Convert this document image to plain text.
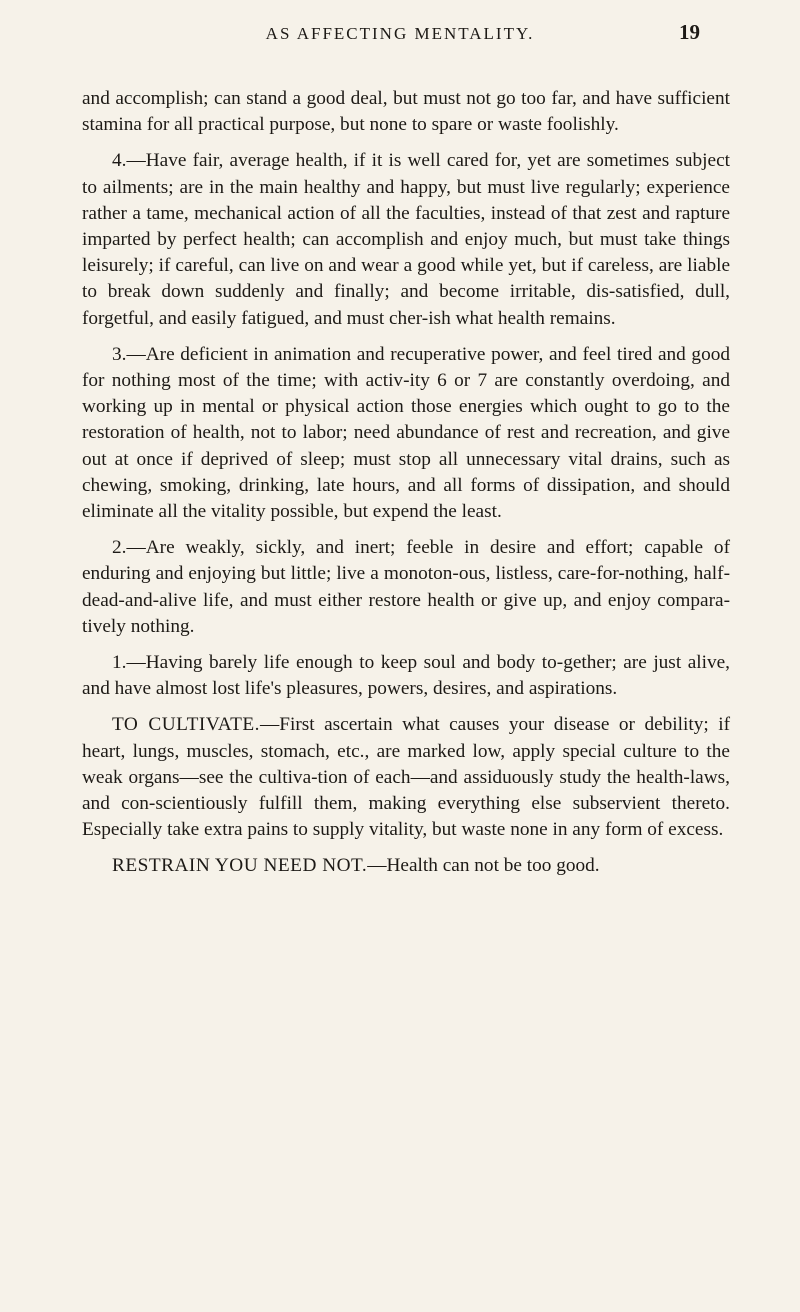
AS AFFECTING MENTALITY.	19

and accomplish; can stand a good deal, but must not go too far, and have sufficient stamina for all practical purpose, but none to spare or waste foolishly.

4.—Have fair, average health, if it is well cared for, yet are sometimes subject to ailments; are in the main healthy and happy, but must live regularly; experience rather a tame, mechanical action of all the faculties, instead of that zest and rapture imparted by perfect health; can accomplish and enjoy much, but must take things leisurely; if careful, can live on and wear a good while yet, but if careless, are liable to break down suddenly and finally; and become irritable, dis-satisfied, dull, forgetful, and easily fatigued, and must cher-ish what health remains.

3.—Are deficient in animation and recuperative power, and feel tired and good for nothing most of the time; with activ-ity 6 or 7 are constantly overdoing, and working up in mental or physical action those energies which ought to go to the restoration of health, not to labor; need abundance of rest and recreation, and give out at once if deprived of sleep; must stop all unnecessary vital drains, such as chewing, smoking, drinking, late hours, and all forms of dissipation, and should eliminate all the vitality possible, but expend the least.

2.—Are weakly, sickly, and inert; feeble in desire and effort; capable of enduring and enjoying but little; live a monoton-ous, listless, care-for-nothing, half-dead-and-alive life, and must either restore health or give up, and enjoy compara-tively nothing.

1.—Having barely life enough to keep soul and body to-gether; are just alive, and have almost lost life's pleasures, powers, desires, and aspirations.

TO CULTIVATE.—First ascertain what causes your disease or debility; if heart, lungs, muscles, stomach, etc., are marked low, apply special culture to the weak organs—see the cultiva-tion of each—and assiduously study the health-laws, and con-scientiously fulfill them, making everything else subservient thereto. Especially take extra pains to supply vitality, but waste none in any form of excess.

RESTRAIN YOU NEED NOT.—Health can not be too good.
